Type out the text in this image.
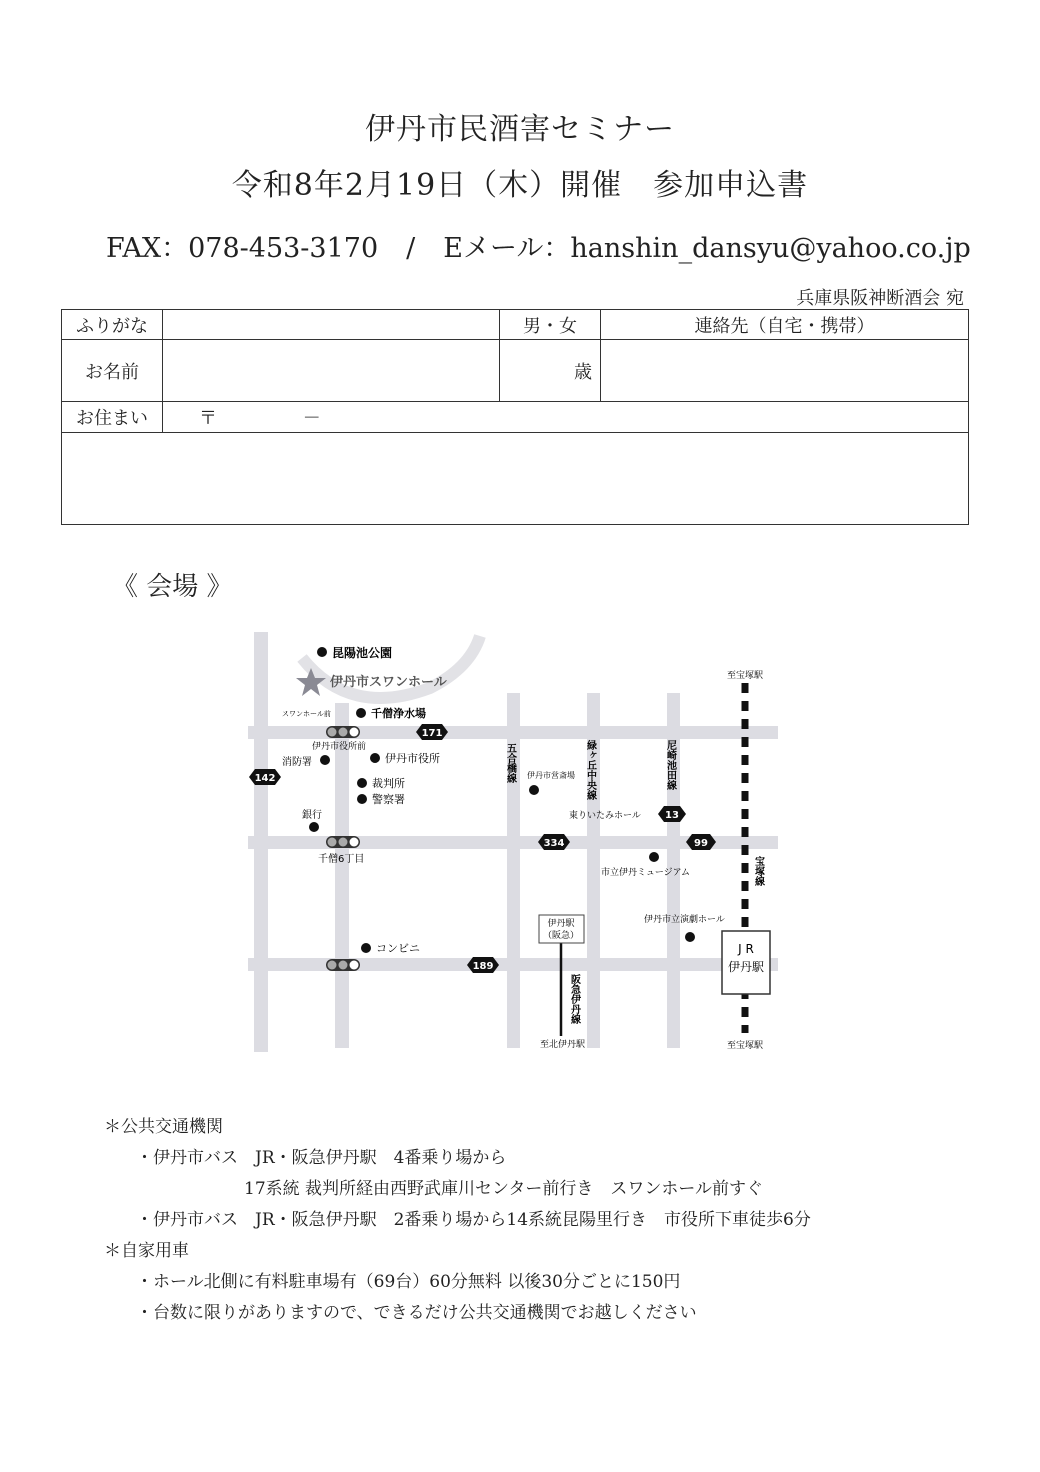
伊丹市民酒害セミナー
令和8年2月19日（木）開催　参加申込書
FAX：078-453-3170 / Eメール：hanshin_dansyu@yahoo.co.jp
兵庫県阪神断酒会 宛
ふりがな		男・女	連絡先（自宅・携帯）
お名前		歳	
お住まい	〒 －		

《 会場 》
171
142
13
334	99
189
昆陽池公園
伊丹市スワンホール
スワンホール前	千僧浄水場
伊丹市役所前
伊丹市役所
消防署
裁判所
警察署
銀行
千僧6丁目
コンビニ
五合橋線	緑ヶ丘中央線	尼崎池田線
宝塚線
伊丹市営斎場
東りいたみホール
市立伊丹ミュージアム
伊丹市立演劇ホール
伊丹駅
（阪急）
阪急伊丹線
至北伊丹駅
J R
伊丹駅
至宝塚駅
至宝塚駅
＊公共交通機関
・伊丹市バス　JR・阪急伊丹駅　4番乗り場から
17系統 裁判所経由西野武庫川センター前行き　スワンホール前すぐ
・伊丹市バス　JR・阪急伊丹駅　2番乗り場から14系統昆陽里行き　市役所下車徒歩6分
＊自家用車
・ホール北側に有料駐車場有（69台）60分無料 以後30分ごとに150円
・台数に限りがありますので、できるだけ公共交通機関でお越しください
